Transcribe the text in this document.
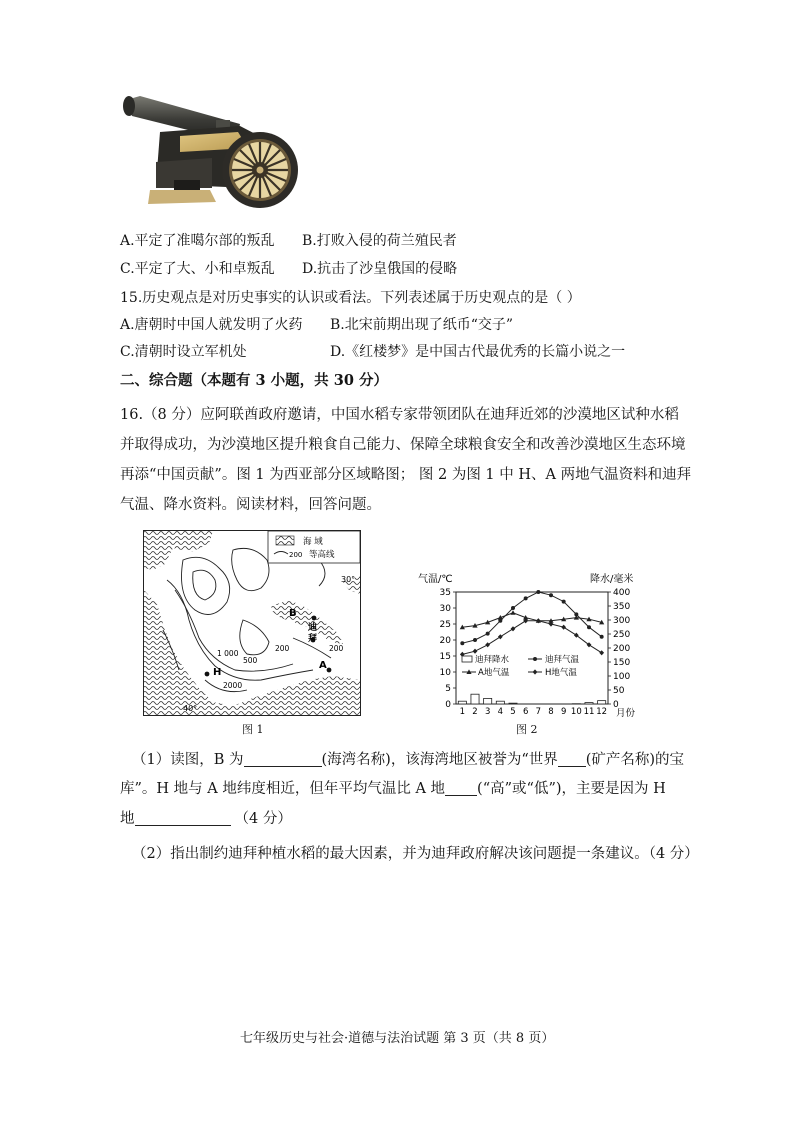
A.平定了准噶尔部的叛乱 B.打败入侵的荷兰殖民者
C.平定了大、小和卓叛乱 D.抗击了沙皇俄国的侵略
15.历史观点是对历史事实的认识或看法。下列表述属于历史观点的是（ ）
A.唐朝时中国人就发明了火药 B.北宋前期出现了纸币“交子”
C.清朝时设立军机处	D.《红楼梦》是中国古代最优秀的长篇小说之一
二、综合题（本题有 3 小题，共 30 分）
16.（8 分）应阿联酋政府邀请，中国水稻专家带领团队在迪拜近郊的沙漠地区试种水稻
并取得成功，为沙漠地区提升粮食自己能力、保障全球粮食安全和改善沙漠地区生态环境
再添“中国贡献”。图 1 为西亚部分区域略图； 图 2 为图 1 中 H、A 两地气温资料和迪拜
气温、降水资料。阅读材料，回答问题。
海 域
200 等高线
30°
B
迪
拜
1 000
500
200	200
H
A
2000
40°
图 1
气温/℃	降水/毫米
0
5
10
15
20
25
30
35
0
50
100
150
200
250
300
350
400
1 2 3 4 5 6 7 8 9 10 11 12
迪拜降水	迪拜气温
A地气温	H地气温
月份
图 2
（1）读图，B 为	(海湾名称)，该海湾地区被誉为“世界 (矿产名称)的宝
库”。H 地与 A 地纬度相近，但年平均气温比 A 地 (“高”或“低”)，主要是因为 H
地	（4 分）
（2）指出制约迪拜种植水稻的最大因素，并为迪拜政府解决该问题提一条建议。（4 分）
七年级历史与社会·道德与法治试题 第 3 页（共 8 页）
